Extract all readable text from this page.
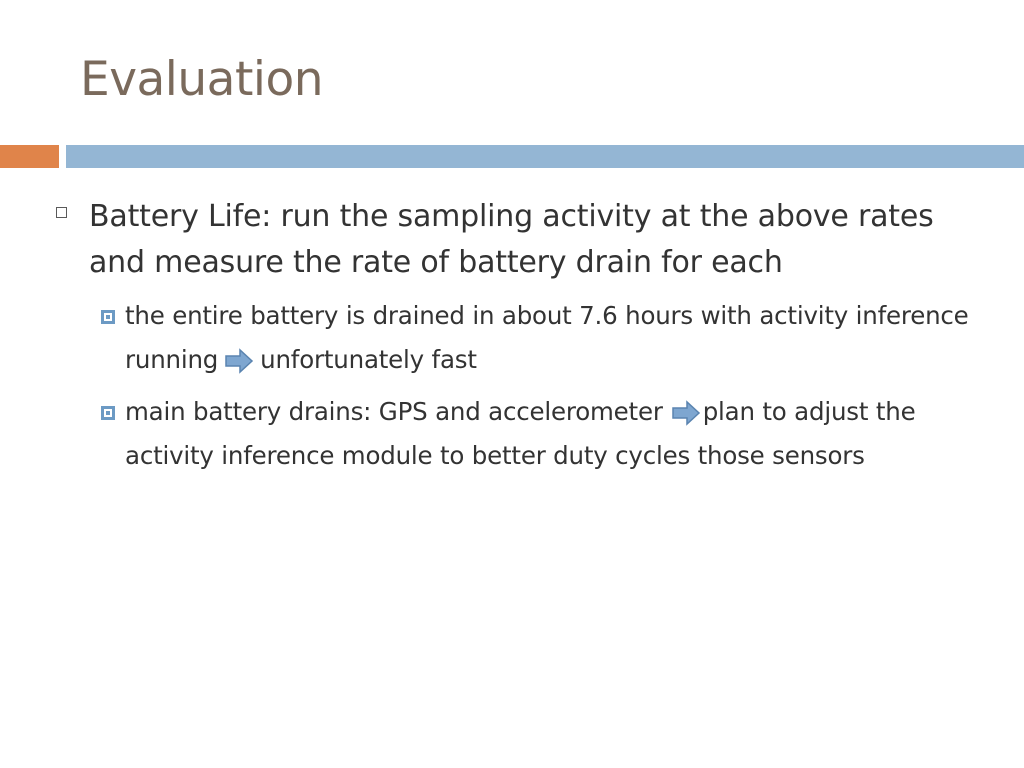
Evaluation
Battery Life: run the sampling activity at the above rates and measure the rate of battery drain for each
the entire battery is drained in about 7.6 hours with activity inference running unfortunately fast
main battery drains: GPS and accelerometer plan to adjust the activity inference module to better duty cycles those sensors
